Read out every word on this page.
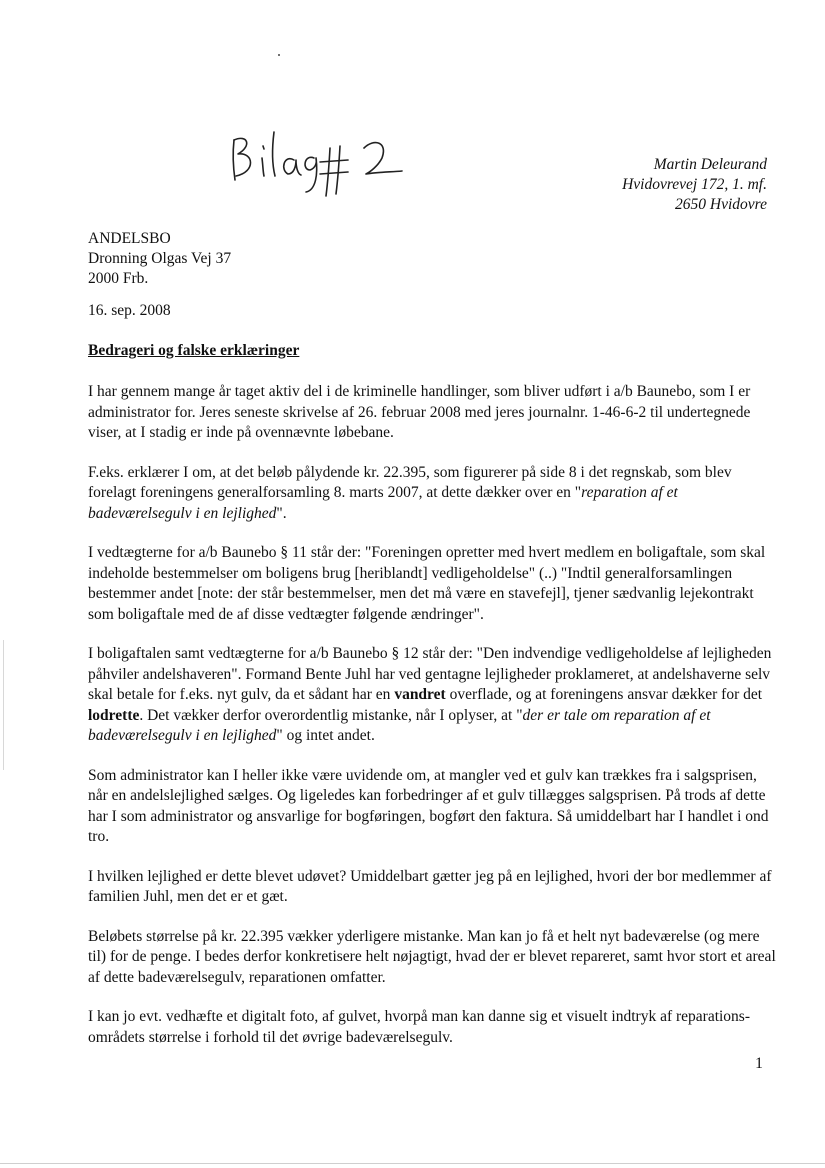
Martin Deleurand
Hvidovrevej 172, 1. mf.
2650 Hvidovre
ANDELSBO
Dronning Olgas Vej 37
2000 Frb.
16. sep. 2008
Bedrageri og falske erklæringer

I har gennem mange år taget aktiv del i de kriminelle handlinger, som bliver udført i a/b Baunebo, som I er administrator for. Jeres seneste skrivelse af 26. februar 2008 med jeres journalnr. 1-46-6-2 til undertegnede viser, at I stadig er inde på ovennævnte løbebane.

F.eks. erklærer I om, at det beløb pålydende kr. 22.395, som figurerer på side 8 i det regnskab, som blev forelagt foreningens generalforsamling 8. marts 2007, at dette dækker over en "reparation af et badeværelsegulv i en lejlighed".

I vedtægterne for a/b Baunebo § 11 står der: "Foreningen opretter med hvert medlem en boligaftale, som skal indeholde bestemmelser om boligens brug [heriblandt] vedligeholdelse" (..) "Indtil generalforsamlingen bestemmer andet [note: der står bestemmelser, men det må være en stavefejl], tjener sædvanlig lejekontrakt som boligaftale med de af disse vedtægter følgende ændringer".

I boligaftalen samt vedtægterne for a/b Baunebo § 12 står der: "Den indvendige vedligeholdelse af lejligheden påhviler andelshaveren". Formand Bente Juhl har ved gentagne lejligheder proklameret, at andelshaverne selv skal betale for f.eks. nyt gulv, da et sådant har en vandret overflade, og at foreningens ansvar dækker for det lodrette. Det vækker derfor overordentlig mistanke, når I oplyser, at "der er tale om reparation af et badeværelsegulv i en lejlighed" og intet andet.

Som administrator kan I heller ikke være uvidende om, at mangler ved et gulv kan trækkes fra i salgsprisen, når en andelslejlighed sælges. Og ligeledes kan forbedringer af et gulv tillægges salgsprisen. På trods af dette har I som administrator og ansvarlige for bogføringen, bogført den faktura. Så umiddelbart har I handlet i ond tro.

I hvilken lejlighed er dette blevet udøvet? Umiddelbart gætter jeg på en lejlighed, hvori der bor medlemmer af familien Juhl, men det er et gæt.

Beløbets størrelse på kr. 22.395 vækker yderligere mistanke. Man kan jo få et helt nyt badeværelse (og mere til) for de penge. I bedes derfor konkretisere helt nøjagtigt, hvad der er blevet repareret, samt hvor stort et areal af dette badeværelsegulv, reparationen omfatter.

I kan jo evt. vedhæfte et digitalt foto, af gulvet, hvorpå man kan danne sig et visuelt indtryk af reparations-områdets størrelse i forhold til det øvrige badeværelsegulv.

1
